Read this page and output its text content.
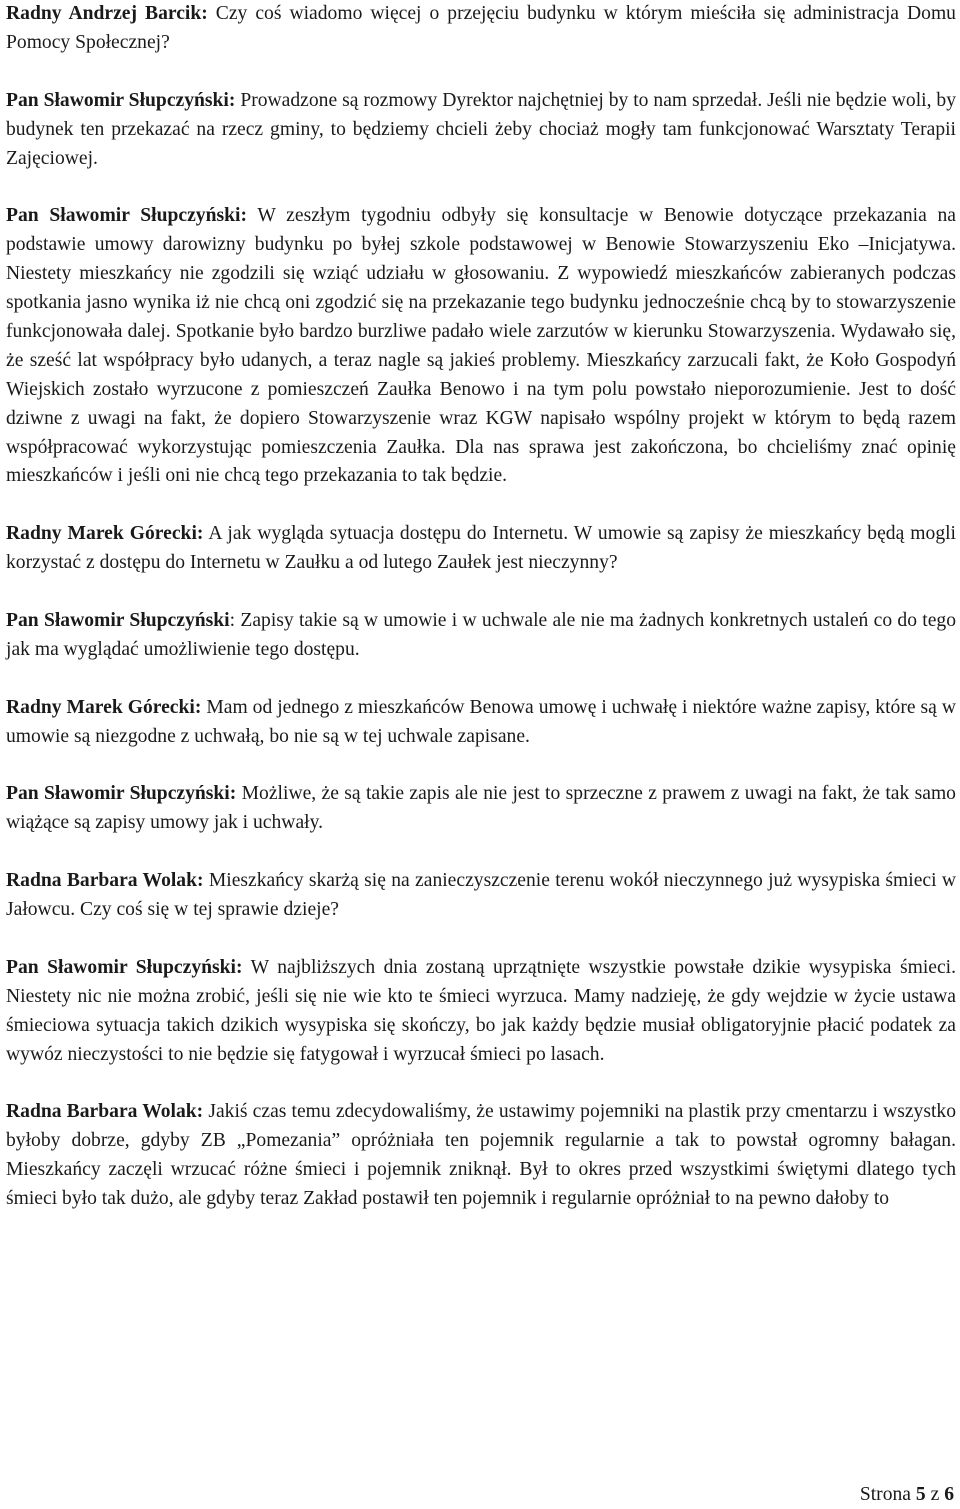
Radny Andrzej Barcik: Czy coś wiadomo więcej o przejęciu budynku w którym mieściła się administracja Domu Pomocy Społecznej?

Pan Sławomir Słupczyński: Prowadzone są rozmowy Dyrektor najchętniej by to nam sprzedał. Jeśli nie będzie woli, by budynek ten przekazać na rzecz gminy, to będziemy chcieli żeby chociaż mogły tam funkcjonować Warsztaty Terapii Zajęciowej.

Pan Sławomir Słupczyński: W zeszłym tygodniu odbyły się konsultacje w Benowie dotyczące przekazania na podstawie umowy darowizny budynku po byłej szkole podstawowej w Benowie Stowarzyszeniu Eko –Inicjatywa. Niestety mieszkańcy nie zgodzili się wziąć udziału w głosowaniu. Z wypowiedź mieszkańców zabieranych podczas spotkania jasno wynika iż nie chcą oni zgodzić się na przekazanie tego budynku jednocześnie chcą by to stowarzyszenie funkcjonowała dalej. Spotkanie było bardzo burzliwe padało wiele zarzutów w kierunku Stowarzyszenia. Wydawało się, że sześć lat współpracy było udanych, a teraz nagle są jakieś problemy. Mieszkańcy zarzucali fakt, że Koło Gospodyń Wiejskich zostało wyrzucone z pomieszczeń Zaułka Benowo i na tym polu powstało nieporozumienie. Jest to dość dziwne z uwagi na fakt, że dopiero Stowarzyszenie wraz KGW napisało wspólny projekt w którym to będą razem współpracować wykorzystując pomieszczenia Zaułka. Dla nas sprawa jest zakończona, bo chcieliśmy znać opinię mieszkańców i jeśli oni nie chcą tego przekazania to tak będzie.

Radny Marek Górecki: A jak wygląda sytuacja dostępu do Internetu. W umowie są zapisy że mieszkańcy będą mogli korzystać z dostępu do Internetu w Zaułku a od lutego Zaułek jest nieczynny?

Pan Sławomir Słupczyński: Zapisy takie są w umowie i w uchwale ale nie ma żadnych konkretnych ustaleń co do tego jak ma wyglądać umożliwienie tego dostępu.

Radny Marek Górecki: Mam od jednego z mieszkańców Benowa umowę i uchwałę i niektóre ważne zapisy, które są w umowie są niezgodne z uchwałą, bo nie są w tej uchwale zapisane.

Pan Sławomir Słupczyński: Możliwe, że są takie zapis ale nie jest to sprzeczne z prawem z uwagi na fakt, że tak samo wiążące są zapisy umowy jak i uchwały.

Radna Barbara Wolak: Mieszkańcy skarżą się na zanieczyszczenie terenu wokół nieczynnego już wysypiska śmieci w Jałowcu. Czy coś się w tej sprawie dzieje?

Pan Sławomir Słupczyński: W najbliższych dnia zostaną uprzątnięte wszystkie powstałe dzikie wysypiska śmieci. Niestety nic nie można zrobić, jeśli się nie wie kto te śmieci wyrzuca. Mamy nadzieję, że gdy wejdzie w życie ustawa śmieciowa sytuacja takich dzikich wysypiska się skończy, bo jak każdy będzie musiał obligatoryjnie płacić podatek za wywóz nieczystości to nie będzie się fatygował i wyrzucał śmieci po lasach.

Radna Barbara Wolak: Jakiś czas temu zdecydowaliśmy, że ustawimy pojemniki na plastik przy cmentarzu i wszystko byłoby dobrze, gdyby ZB „Pomezania” opróżniała ten pojemnik regularnie a tak to powstał ogromny bałagan. Mieszkańcy zaczęli wrzucać różne śmieci i pojemnik zniknął. Był to okres przed wszystkimi świętymi dlatego tych śmieci było tak dużo, ale gdyby teraz Zakład postawił ten pojemnik i regularnie opróżniał to na pewno dałoby to

Strona 5 z 6
